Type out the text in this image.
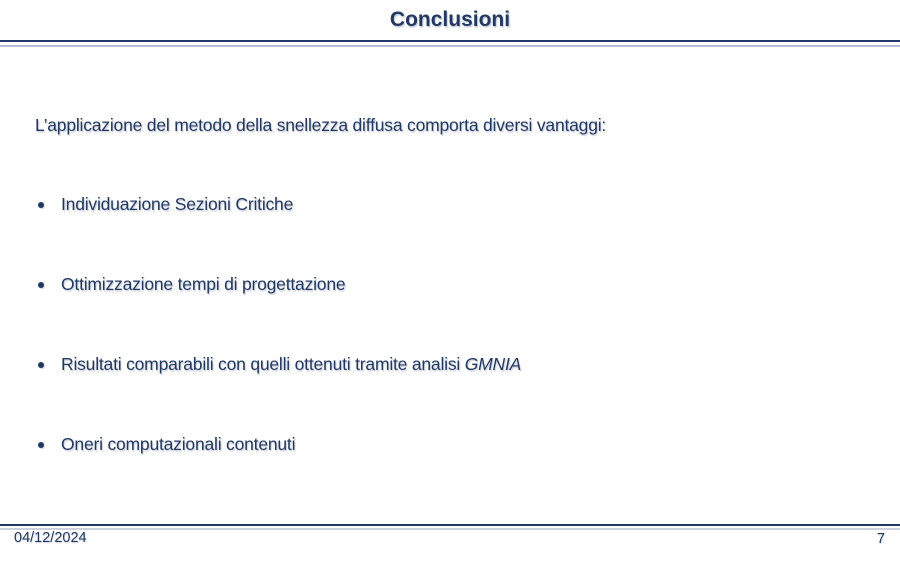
Conclusioni

L’applicazione del metodo della snellezza diffusa comporta diversi vantaggi:

Individuazione Sezioni Critiche
Ottimizzazione tempi di progettazione
Risultati comparabili con quelli ottenuti tramite analisi GMNIA
Oneri computazionali contenuti
04/12/2024	7
